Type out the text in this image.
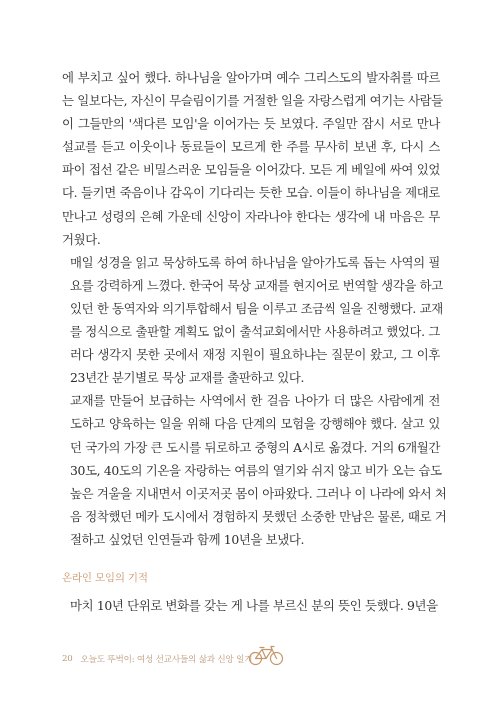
에 부치고 싶어 했다. 하나님을 알아가며 예수 그리스도의 발자취를 따르
는 일보다는, 자신이 무슬림이기를 거절한 일을 자랑스럽게 여기는 사람들
이 그들만의 '색다른 모임'을 이어가는 듯 보였다. 주일만 잠시 서로 만나
설교를 듣고 이웃이나 동료들이 모르게 한 주를 무사히 보낸 후, 다시 스
파이 접선 같은 비밀스러운 모임들을 이어갔다. 모든 게 베일에 싸여 있었
다. 들키면 죽음이나 감옥이 기다리는 듯한 모습. 이들이 하나님을 제대로
만나고 성령의 은혜 가운데 신앙이 자라나야 한다는 생각에 내 마음은 무
거웠다.
매일 성경을 읽고 묵상하도록 하여 하나님을 알아가도록 돕는 사역의 필
요를 강력하게 느꼈다. 한국어 묵상 교재를 현지어로 번역할 생각을 하고
있던 한 동역자와 의기투합해서 팀을 이루고 조금씩 일을 진행했다. 교재
를 정식으로 출판할 계획도 없이 출석교회에서만 사용하려고 했었다. 그
러다 생각지 못한 곳에서 재정 지원이 필요하냐는 질문이 왔고, 그 이후
23년간 분기별로 묵상 교재를 출판하고 있다.
교재를 만들어 보급하는 사역에서 한 걸음 나아가 더 많은 사람에게 전
도하고 양육하는 일을 위해 다음 단계의 모험을 강행해야 했다. 살고 있
던 국가의 가장 큰 도시를 뒤로하고 중형의 A시로 옮겼다. 거의 6개월간
30도, 40도의 기온을 자랑하는 여름의 열기와 쉬지 않고 비가 오는 습도
높은 겨울을 지내면서 이곳저곳 몸이 아파왔다. 그러나 이 나라에 와서 처
음 정착했던 메카 도시에서 경험하지 못했던 소중한 만남은 물론, 때로 거
절하고 싶었던 인연들과 함께 10년을 보냈다.
온라인 모임의 기적
마치 10년 단위로 변화를 갖는 게 나를 부르신 분의 뜻인 듯했다. 9년을
20 오늘도 뚜벅이: 여성 선교사들의 삶과 신앙 일기
